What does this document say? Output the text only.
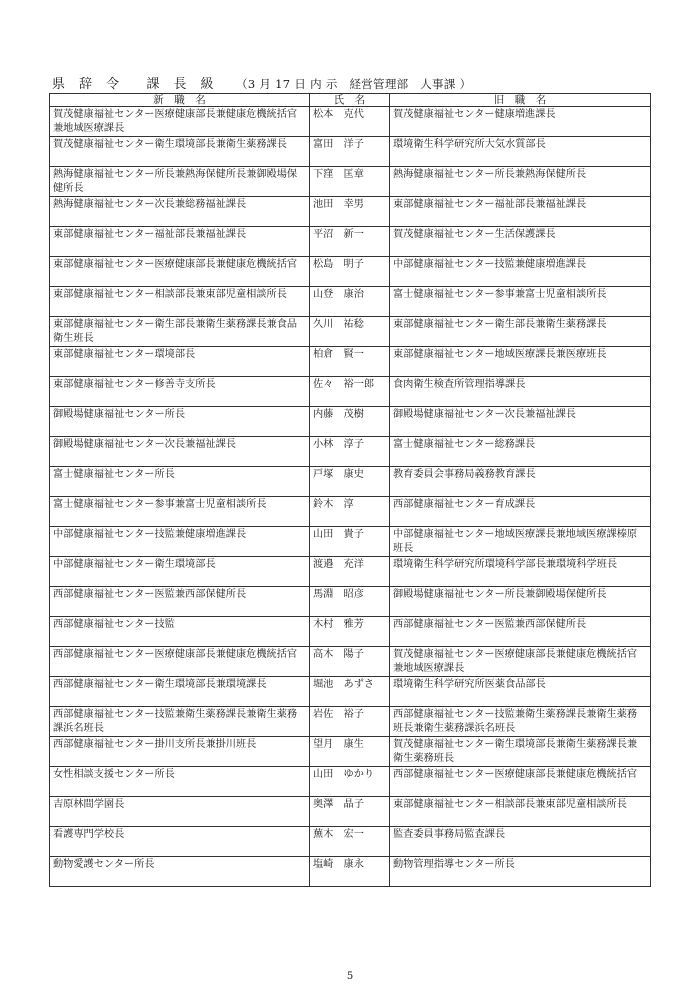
県　辞　令　　課　長　級 （3 月 17 日 内 示　経営管理部　人事課 ）
新　職　名	氏　名	旧　職　名
賀茂健康福祉センター医療健康部長兼健康危機統括官兼地域医療課長	松本　克代	賀茂健康福祉センター健康増進課長
賀茂健康福祉センター衛生環境部長兼衛生薬務課長	富田　洋子	環境衛生科学研究所大気水質部長
熱海健康福祉センター所長兼熱海保健所長兼御殿場保健所長	下窪　匡章	熱海健康福祉センター所長兼熱海保健所長
熱海健康福祉センター次長兼総務福祉課長	池田　幸男	東部健康福祉センター福祉部長兼福祉課長
東部健康福祉センター福祉部長兼福祉課長	平沼　新一	賀茂健康福祉センター生活保護課長
東部健康福祉センター医療健康部長兼健康危機統括官	松島　明子	中部健康福祉センター技監兼健康増進課長
東部健康福祉センター相談部長兼東部児童相談所長	山登　康治	富士健康福祉センター参事兼富士児童相談所長
東部健康福祉センター衛生部長兼衛生薬務課長兼食品衛生班長	久川　祐稔	東部健康福祉センター衛生部長兼衛生薬務課長
東部健康福祉センター環境部長	柏倉　賢一	東部健康福祉センター地域医療課長兼医療班長
東部健康福祉センター修善寺支所長	佐々　裕一郎	食肉衛生検査所管理指導課長
御殿場健康福祉センター所長	内藤　茂樹	御殿場健康福祉センター次長兼福祉課長
御殿場健康福祉センター次長兼福祉課長	小林　淳子	富士健康福祉センター総務課長
富士健康福祉センター所長	戸塚　康史	教育委員会事務局義務教育課長
富士健康福祉センター参事兼富士児童相談所長	鈴木　淳	西部健康福祉センター育成課長
中部健康福祉センター技監兼健康増進課長	山田　貴子	中部健康福祉センター地域医療課長兼地域医療課榛原班長
中部健康福祉センター衛生環境部長	渡邉　充洋	環境衛生科学研究所環境科学部長兼環境科学班長
西部健康福祉センター医監兼西部保健所長	馬淵　昭彦	御殿場健康福祉センター所長兼御殿場保健所長
西部健康福祉センター技監	木村　雅芳	西部健康福祉センター医監兼西部保健所長
西部健康福祉センター医療健康部長兼健康危機統括官	高木　陽子	賀茂健康福祉センター医療健康部長兼健康危機統括官兼地域医療課長
西部健康福祉センター衛生環境部長兼環境課長	堀池　あずさ	環境衛生科学研究所医薬食品部長
西部健康福祉センター技監兼衛生薬務課長兼衛生薬務課浜名班長	岩佐　裕子	西部健康福祉センター技監兼衛生薬務課長兼衛生薬務班長兼衛生薬務課浜名班長
西部健康福祉センター掛川支所長兼掛川班長	望月　康生	賀茂健康福祉センター衛生環境部長兼衛生薬務課長兼衛生薬務班長
女性相談支援センター所長	山田　ゆかり	西部健康福祉センター医療健康部長兼健康危機統括官
吉原林間学園長	奥澤　晶子	東部健康福祉センター相談部長兼東部児童相談所長
看護専門学校長	蕪木　宏一	監査委員事務局監査課長
動物愛護センター所長	塩崎　康永	動物管理指導センター所長
5
